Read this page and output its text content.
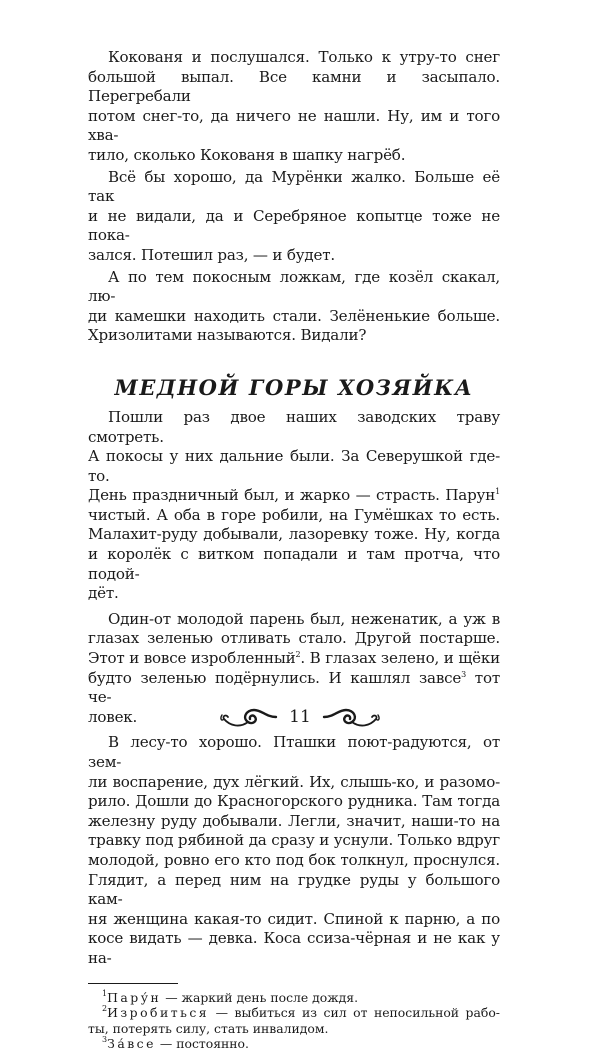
Кокованя и послушался. Только к утру-то снег
большой выпал. Все камни и засыпало. Перегребали
потом снег-то, да ничего не нашли. Ну, им и того хва-
тило, сколько Кокованя в шапку нагрёб.

Всё бы хорошо, да Мурёнки жалко. Больше её так
и не видали, да и Серебряное копытце тоже не пока-
зался. Потешил раз, — и будет.

А по тем покосным ложкам, где козёл скакал, лю-
ди камешки находить стали. Зелёненькие больше.
Хризолитами называются. Видали?

МЕДНОЙ ГОРЫ ХОЗЯЙКА

Пошли раз двое наших заводских траву смотреть.
А покосы у них дальние были. За Северушкой где-то.
День праздничный был, и жарко — страсть. Парун$^1$
чистый. А оба в горе робили, на Гумёшках то есть.
Малахит-руду добывали, лазоревку тоже. Ну, когда
и королёк с витком попадали и там протча, что подой-
дёт.

Один-от молодой парень был, неженатик, а уж в
глазах зеленью отливать стало. Другой постарше.
Этот и вовсе изробленный$^2$. В глазах зелено, и щёки
будто зеленью подёрнулись. И кашлял завсе$^3$ тот че-
ловек.

В лесу-то хорошо. Пташки поют-радуются, от зем-
ли воспарение, дух лёгкий. Их, слышь-ко, и разомо-
рило. Дошли до Красногорского рудника. Там тогда
железну руду добывали. Легли, значит, наши-то на
травку под рябиной да сразу и уснули. Только вдруг
молодой, ровно его кто под бок толкнул, проснулся.
Глядит, а перед ним на грудке руды у большого кам-
ня женщина какая-то сидит. Спиной к парню, а по
косе видать — девка. Коса ссиза-чёрная и не как у на-

$^1$Пару́н — жаркий день после дождя.

$^2$Изробиться — выбиться из сил от непосильной рабо-
ты, потерять силу, стать инвалидом.

$^3$За́все — постоянно.

11
